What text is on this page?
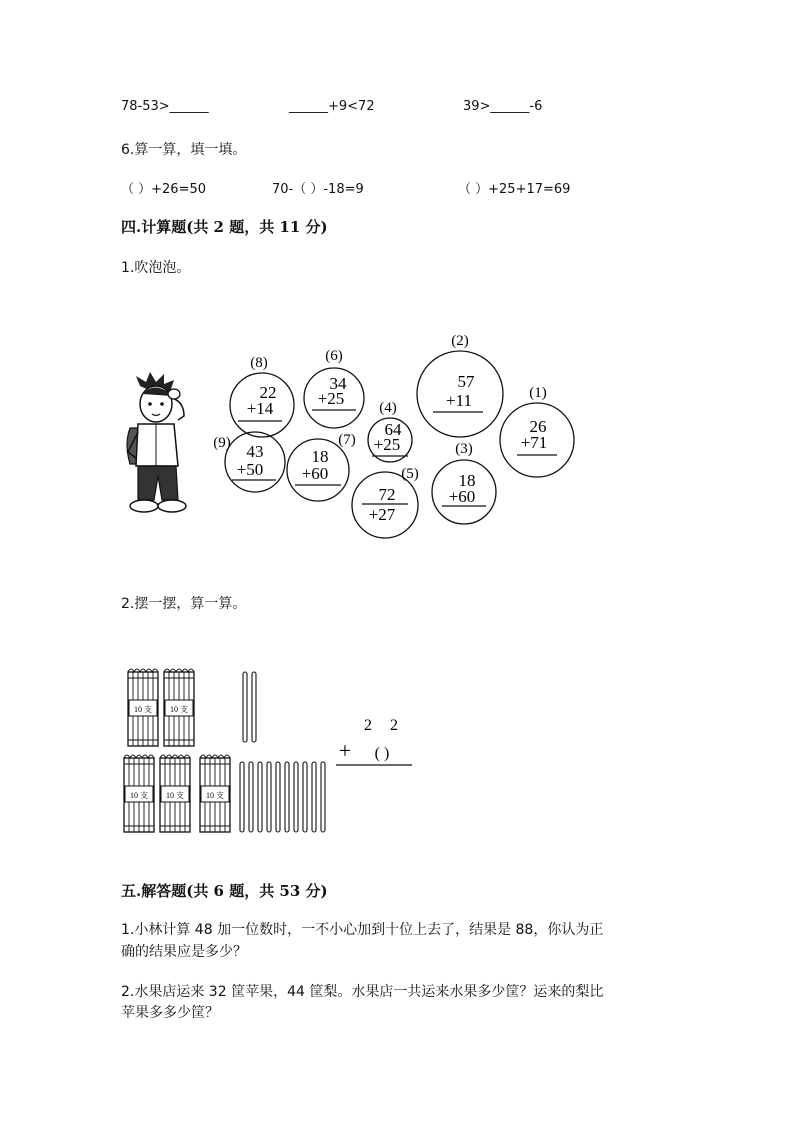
78-53>______	______+9<72	39>______-6
6.算一算，填一填。
（ ）+26=50	70-（ ）-18=9	（ ）+25+17=69
四.计算题(共 2 题，共 11 分)
1.吹泡泡。
(8)
22
+14
(6)
34
+25
(2)
57
+11	(1)
26
+71
(4)
64
+25
(9) 43
+50
(7)
18
+60
(3)
18
+60
(5)
72
+27
2.摆一摆，算一算。
10 支 10 支
10 支 10 支	10 支
2 2
+ ( )
五.解答题(共 6 题，共 53 分)
1.小林计算 48 加一位数时，一不小心加到十位上去了，结果是 88，你认为正
确的结果应是多少？
2.水果店运来 32 筐苹果，44 筐梨。水果店一共运来水果多少筐？运来的梨比
苹果多多少筐？
